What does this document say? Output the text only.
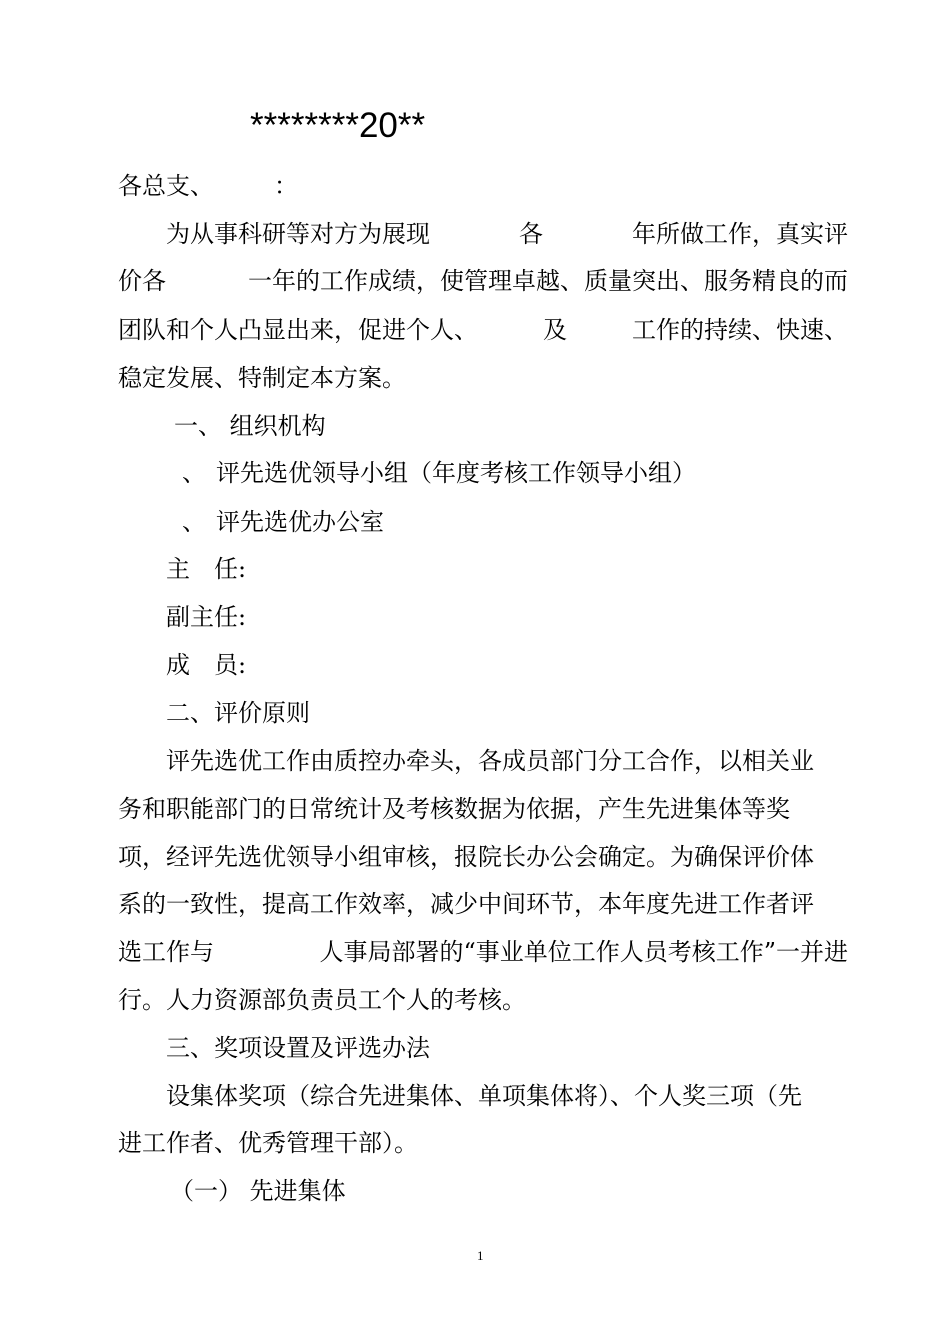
********20**
各总支、	：
为从事科研等对方为展现	各	年所做工作，真实评
价各	一年的工作成绩，使管理卓越、质量突出、服务精良的而
团队和个人凸显出来，促进个人、	及	工作的持续、快速、
稳定发展、特制定本方案。
一、 组织机构
、 评先选优领导小组（年度考核工作领导小组）
、 评先选优办公室
主　任:
副主任:
成　员:
二、评价原则
评先选优工作由质控办牵头，各成员部门分工合作，以相关业
务和职能部门的日常统计及考核数据为依据，产生先进集体等奖
项，经评先选优领导小组审核，报院长办公会确定。为确保评价体
系的一致性，提高工作效率，减少中间环节，本年度先进工作者评
选工作与	人事局部署的“事业单位工作人员考核工作”一并进
行。人力资源部负责员工个人的考核。
三、奖项设置及评选办法
设集体奖项（综合先进集体、单项集体将）、个人奖三项（先
进工作者、优秀管理干部）。
（一） 先进集体
1
